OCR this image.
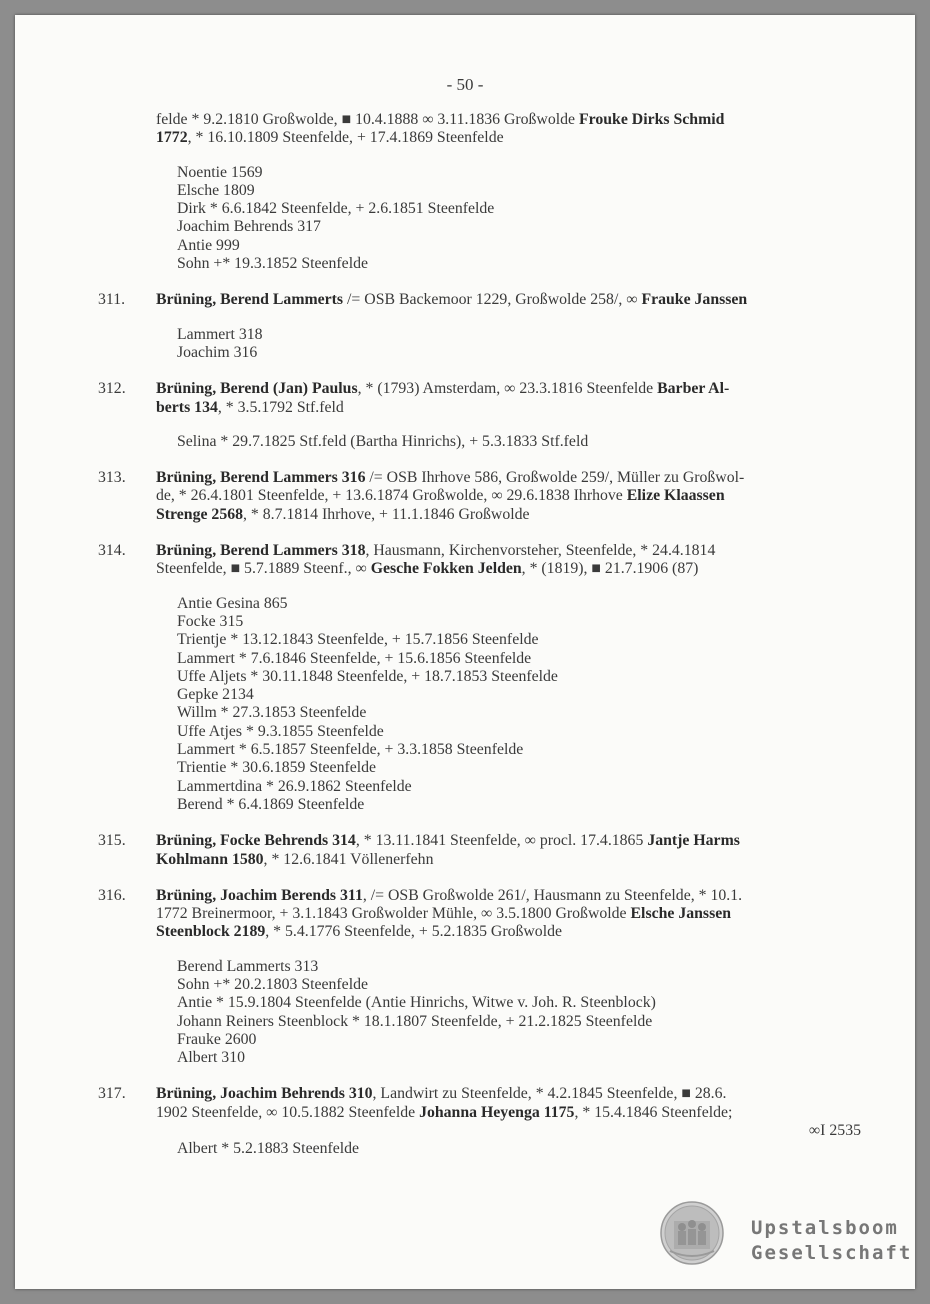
- 50 -
felde * 9.2.1810 Großwolde, ■ 10.4.1888 ∞ 3.11.1836 Großwolde Frouke Dirks Schmid
1772, * 16.10.1809 Steenfelde, + 17.4.1869 Steenfelde
Noentie 1569
Elsche 1809
Dirk * 6.6.1842 Steenfelde, + 2.6.1851 Steenfelde
Joachim Behrends 317
Antie 999
Sohn +* 19.3.1852 Steenfelde
311. Brüning, Berend Lammerts /= OSB Backemoor 1229, Großwolde 258/, ∞ Frauke Janssen
Lammert 318
Joachim 316
312. Brüning, Berend (Jan) Paulus, * (1793) Amsterdam, ∞ 23.3.1816 Steenfelde Barber Al-
berts 134, * 3.5.1792 Stf.feld
Selina * 29.7.1825 Stf.feld (Bartha Hinrichs), + 5.3.1833 Stf.feld
313. Brüning, Berend Lammers 316 /= OSB Ihrhove 586, Großwolde 259/, Müller zu Großwol-
de, * 26.4.1801 Steenfelde, + 13.6.1874 Großwolde, ∞ 29.6.1838 Ihrhove Elize Klaassen
Strenge 2568, * 8.7.1814 Ihrhove, + 11.1.1846 Großwolde
314. Brüning, Berend Lammers 318, Hausmann, Kirchenvorsteher, Steenfelde, * 24.4.1814
Steenfelde, ■ 5.7.1889 Steenf., ∞ Gesche Fokken Jelden, * (1819), ■ 21.7.1906 (87)
Antie Gesina 865
Focke 315
Trientje * 13.12.1843 Steenfelde, + 15.7.1856 Steenfelde
Lammert * 7.6.1846 Steenfelde, + 15.6.1856 Steenfelde
Uffe Aljets * 30.11.1848 Steenfelde, + 18.7.1853 Steenfelde
Gepke 2134
Willm * 27.3.1853 Steenfelde
Uffe Atjes * 9.3.1855 Steenfelde
Lammert * 6.5.1857 Steenfelde, + 3.3.1858 Steenfelde
Trientie * 30.6.1859 Steenfelde
Lammertdina * 26.9.1862 Steenfelde
Berend * 6.4.1869 Steenfelde
315. Brüning, Focke Behrends 314, * 13.11.1841 Steenfelde, ∞ procl. 17.4.1865 Jantje Harms
Kohlmann 1580, * 12.6.1841 Völlenerfehn
316. Brüning, Joachim Berends 311, /= OSB Großwolde 261/, Hausmann zu Steenfelde, * 10.1.
1772 Breinermoor, + 3.1.1843 Großwolder Mühle, ∞ 3.5.1800 Großwolde Elsche Janssen
Steenblock 2189, * 5.4.1776 Steenfelde, + 5.2.1835 Großwolde
Berend Lammerts 313
Sohn +* 20.2.1803 Steenfelde
Antie * 15.9.1804 Steenfelde (Antie Hinrichs, Witwe v. Joh. R. Steenblock)
Johann Reiners Steenblock * 18.1.1807 Steenfelde, + 21.2.1825 Steenfelde
Frauke 2600
Albert 310
317. Brüning, Joachim Behrends 310, Landwirt zu Steenfelde, * 4.2.1845 Steenfelde, ■ 28.6.
1902 Steenfelde, ∞ 10.5.1882 Steenfelde Johanna Heyenga 1175, * 15.4.1846 Steenfelde;
∞I 2535
Albert * 5.2.1883 Steenfelde
Upstalsboom
Gesellschaft
